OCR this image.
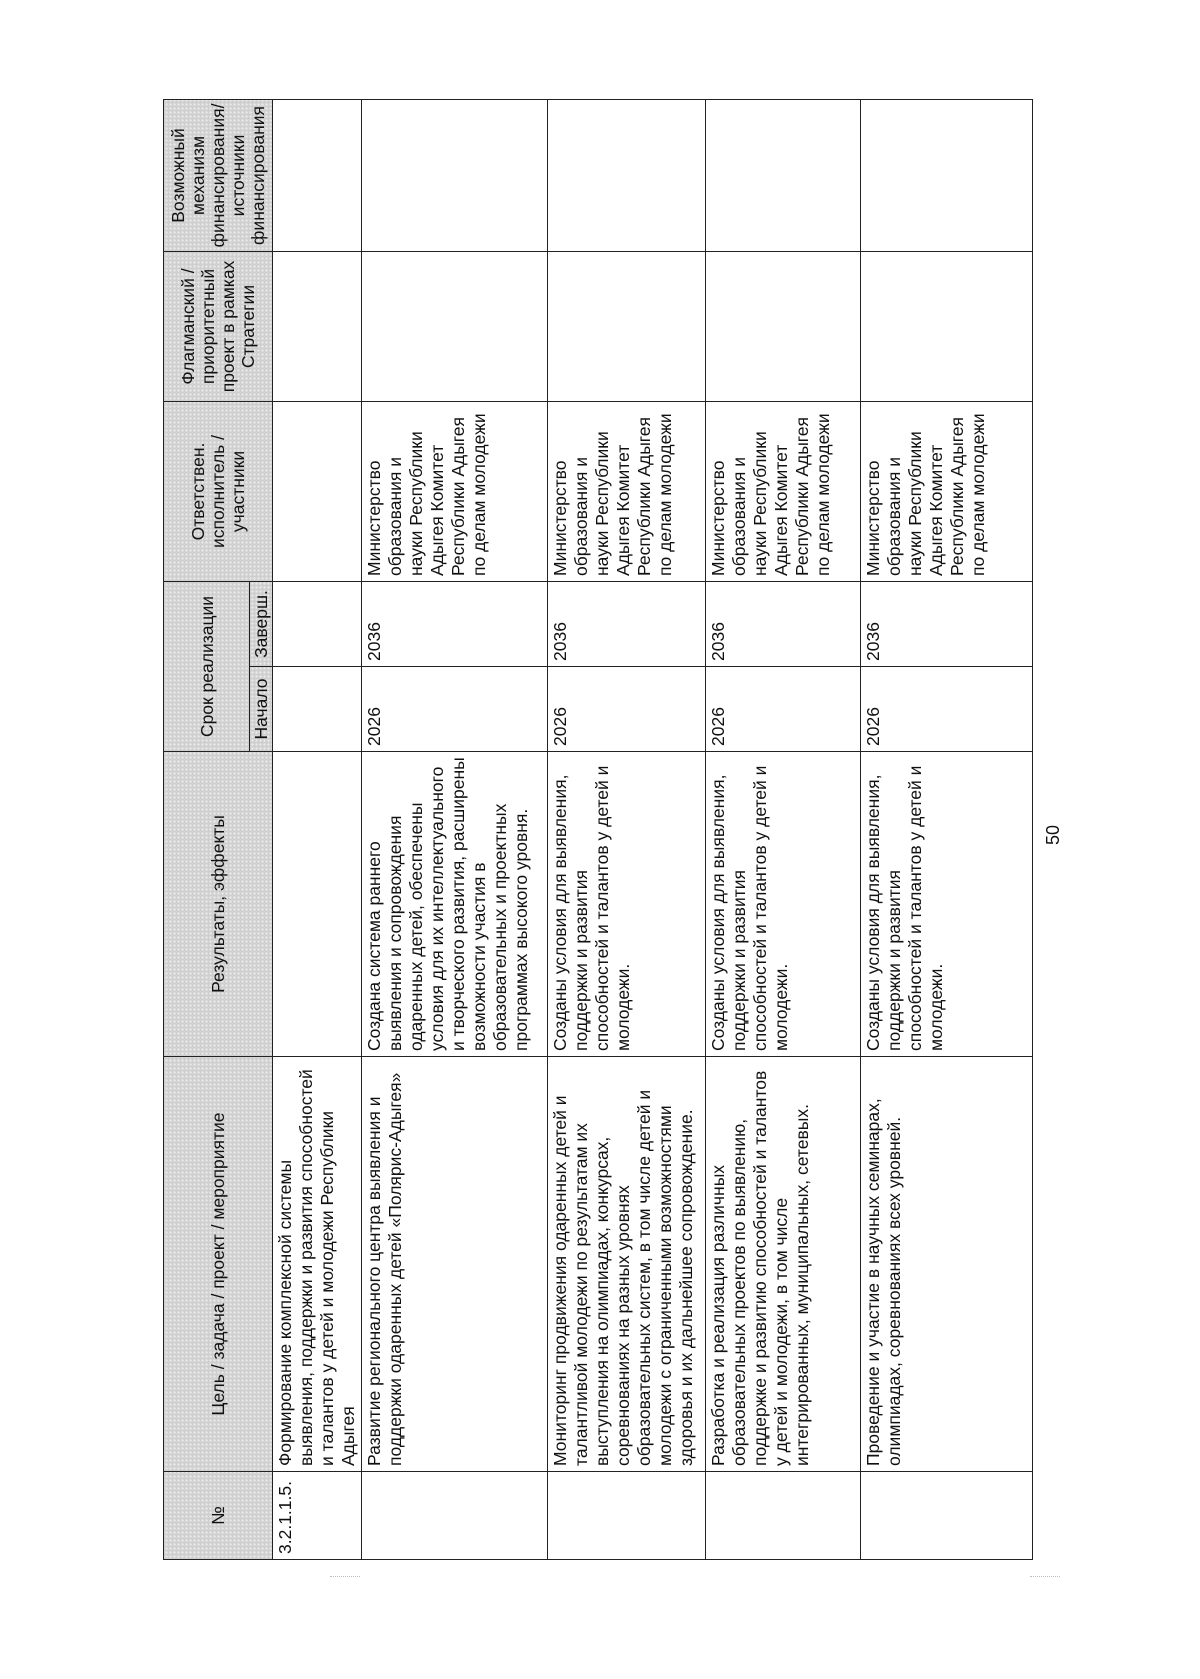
№	Цель / задача / проект / мероприятие	Результаты, эффекты	Срок реализации		Ответствен. исполнитель / участники	Флагманский / приоритетный проект в рамках Стратегии	Возможный механизм финансирования/ источники финансирования
			Начало	Заверш.			
3.2.1.1.5.	Формирование комплексной системы выявления, поддержки и развития способностей и талантов у детей и молодежи Республики Адыгея						
	Развитие регионального центра выявления и поддержки одаренных детей «Полярис-Адыгея»	Создана система раннего выявления и сопровождения одаренных детей, обеспечены условия для их интеллектуального и творческого развития, расширены возможности участия в образовательных и проектных программах высокого уровня.	2026	2036	Министерство образования и науки Республики Адыгея Комитет Республики Адыгея по делам молодежи		
	Мониторинг продвижения одаренных детей и талантливой молодежи по результатам их выступления на олимпиадах, конкурсах, соревнованиях на разных уровнях образовательных систем, в том числе детей и молодежи с ограниченными возможностями здоровья и их дальнейшее сопровождение.	Созданы условия для выявления, поддержки и развития способностей и талантов у детей и молодежи.	2026	2036	Министерство образования и науки Республики Адыгея Комитет Республики Адыгея по делам молодежи		
	Разработка и реализация различных образовательных проектов по выявлению, поддержке и развитию способностей и талантов у детей и молодежи, в том числе интегрированных, муниципальных, сетевых.	Созданы условия для выявления, поддержки и развития способностей и талантов у детей и молодежи.	2026	2036	Министерство образования и науки Республики Адыгея Комитет Республики Адыгея по делам молодежи		
	Проведение и участие в научных семинарах, олимпиадах, соревнованиях всех уровней.	Созданы условия для выявления, поддержки и развития способностей и талантов у детей и молодежи.	2026	2036	Министерство образования и науки Республики Адыгея Комитет Республики Адыгея по делам молодежи		
50
